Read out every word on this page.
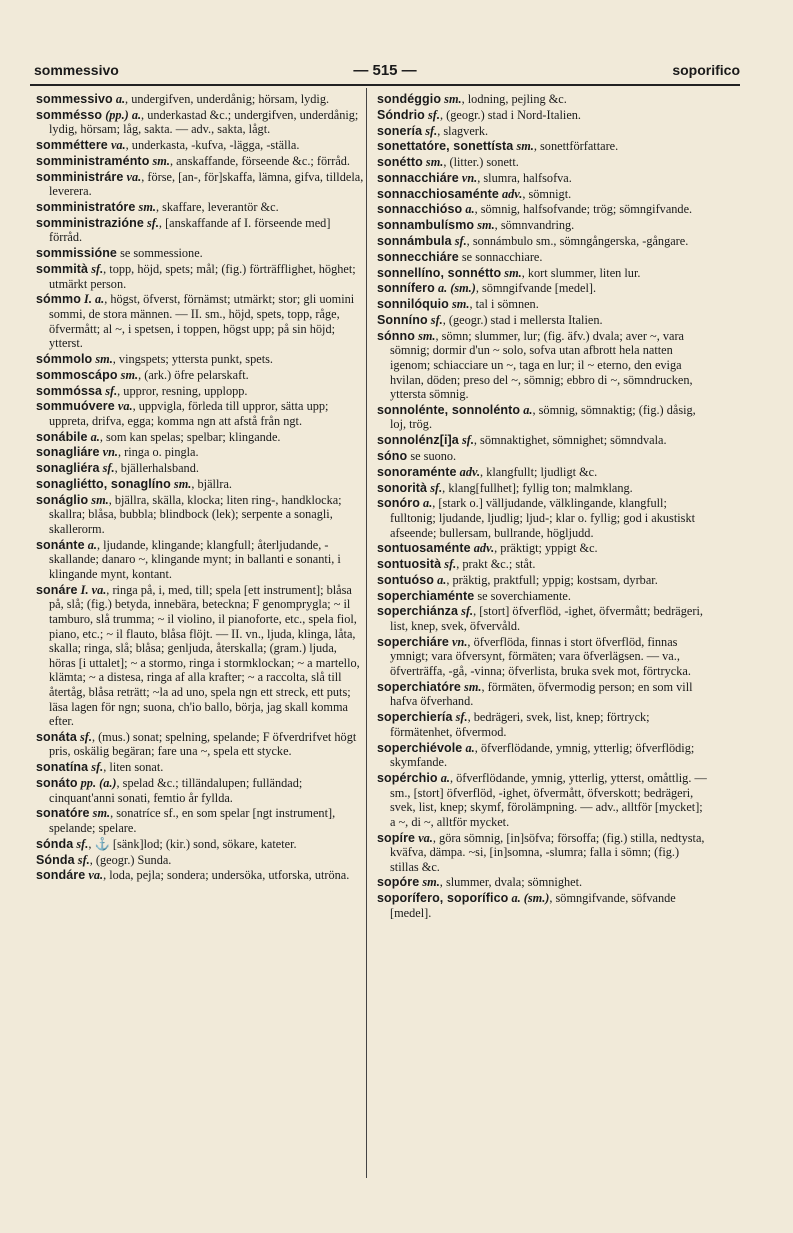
sommessivo	— 515 —	soporifico
sommessivo a., undergifven, underdånig; hörsam, lydig.
sommésso (pp.) a., underkastad &c.; undergifven, underdånig; lydig, hörsam; låg, sakta. — adv., sakta, lågt.
somméttere va., underkasta, -kufva, -lägga, -ställa.
somministraménto sm., anskaffande, förseende &c.; förråd.
somministráre va., förse, [an-, för]skaffa, lämna, gifva, tilldela, leverera.
somministratóre sm., skaffare, leverantör &c.
somministrazióne sf., [anskaffande af I. förseende med] förråd.
sommissióne se sommessione.
sommità sf., topp, höjd, spets; mål; (fig.) förträfflighet, höghet; utmärkt person.
sómmo I. a., högst, öfverst, förnämst; utmärkt; stor; gli uomini sommi, de stora männen. — II. sm., höjd, spets, topp, råge, öfvermått; al ~, i spetsen, i toppen, högst upp; på sin höjd; ytterst.
sómmolo sm., vingspets; yttersta punkt, spets.
sommoscápo sm., (ark.) öfre pelarskaft.
sommóssa sf., uppror, resning, upplopp.
sommuóvere va., uppvigla, förleda till uppror, sätta upp; uppreta, drifva, egga; komma ngn att afstå från ngt.
sonábile a., som kan spelas; spelbar; klingande.
sonagliáre vn., ringa o. pingla.
sonagliéra sf., bjällerhalsband.
sonagliétto, sonaglíno sm., bjällra.
sonáglio sm., bjällra, skälla, klocka; liten ring-, handklocka; skallra; blåsa, bubbla; blindbock (lek); serpente a sonagli, skallerorm.
sonánte a., ljudande, klingande; klangfull; återljudande, -skallande; danaro ~, klingande mynt; in ballanti e sonanti, i klingande mynt, kontant.
sonáre I. va., ringa på, i, med, till; spela [ett instrument]; blåsa på, slå; (fig.) betyda, innebära, beteckna; F genomprygla; ~ il tamburo, slå trumma; ~ il violino, il pianoforte, etc., spela fiol, piano, etc.; ~ il flauto, blåsa flöjt. — II. vn., ljuda, klinga, låta, skalla; ringa, slå; blåsa; genljuda, återskalla; (gram.) ljuda, höras [i uttalet]; ~ a stormo, ringa i stormklockan; ~ a martello, klämta; ~ a distesa, ringa af alla krafter; ~ a raccolta, slå till återtåg, blåsa reträtt; ~la ad uno, spela ngn ett streck, ett puts; läsa lagen för ngn; suona, ch'io ballo, börja, jag skall komma efter.
sonáta sf., (mus.) sonat; spelning, spelande; F öfverdrifvet högt pris, oskälig begäran; fare una ~, spela ett stycke.
sonatína sf., liten sonat.
sonáto pp. (a.), spelad &c.; tilländalupen; fulländad; cinquant'anni sonati, femtio år fyllda.
sonatóre sm., sonatríce sf., en som spelar [ngt instrument], spelande; spelare.
sónda sf., ⚓ [sänk]lod; (kir.) sond, sökare, kateter.
Sónda sf., (geogr.) Sunda.
sondáre va., loda, pejla; sondera; undersöka, utforska, utröna.
sondéggio sm., lodning, pejling &c.
Sóndrio sf., (geogr.) stad i Nord-Italien.
sonería sf., slagverk.
sonettatóre, sonettísta sm., sonettförfattare.
sonétto sm., (litter.) sonett.
sonnacchiáre vn., slumra, halfsofva.
sonnacchiosaménte adv., sömnigt.
sonnacchióso a., sömnig, halfsofvande; trög; sömngifvande.
sonnambulísmo sm., sömnvandring.
sonnámbula sf., sonnámbulo sm., sömngångerska, -gångare.
sonnecchiáre se sonnacchiare.
sonnellíno, sonnétto sm., kort slummer, liten lur.
sonnífero a. (sm.), sömngifvande [medel].
sonnilóquio sm., tal i sömnen.
Sonníno sf., (geogr.) stad i mellersta Italien.
sónno sm., sömn; slummer, lur; (fig. äfv.) dvala; aver ~, vara sömnig; dormir d'un ~ solo, sofva utan afbrott hela natten igenom; schiacciare un ~, taga en lur; il ~ eterno, den eviga hvilan, döden; preso del ~, sömnig; ebbro di ~, sömndrucken, yttersta sömnig.
sonnolénte, sonnolénto a., sömnig, sömnaktig; (fig.) dåsig, loj, trög.
sonnolénz[i]a sf., sömnaktighet, sömnighet; sömndvala.
sóno se suono.
sonoraménte adv., klangfullt; ljudligt &c.
sonorità sf., klang[fullhet]; fyllig ton; malmklang.
sonóro a., [stark o.] välljudande, välklingande, klangfull; fulltonig; ljudande, ljudlig; ljud-; klar o. fyllig; god i akustiskt afseende; bullersam, bullrande, högljudd.
sontuosaménte adv., präktigt; yppigt &c.
sontuosità sf., prakt &c.; ståt.
sontuóso a., präktig, praktfull; yppig; kostsam, dyrbar.
soperchiaménte se soverchiamente.
soperchiánza sf., [stort] öfverflöd, -ighet, öfvermått; bedrägeri, list, knep, svek, öfvervåld.
soperchiáre vn., öfverflöda, finnas i stort öfverflöd, finnas ymnigt; vara öfversynt, förmäten; vara öfverlägsen. — va., öfverträffa, -gå, -vinna; öfverlista, bruka svek mot, förtrycka.
soperchiatóre sm., förmäten, öfvermodig person; en som vill hafva öfverhand.
soperchiería sf., bedrägeri, svek, list, knep; förtryck; förmätenhet, öfvermod.
soperchiévole a., öfverflödande, ymnig, ytterlig; öfverflödig; skymfande.
sopérchio a., öfverflödande, ymnig, ytterlig, ytterst, omåttlig. — sm., [stort] öfverflöd, -ighet, öfvermått, öfverskott; bedrägeri, svek, list, knep; skymf, förolämpning. — adv., alltför [mycket]; a ~, di ~, alltför mycket.
sopíre va., göra sömnig, [in]söfva; försoffa; (fig.) stilla, nedtysta, kväfva, dämpa. ~si, [in]somna, -slumra; falla i sömn; (fig.) stillas &c.
sopóre sm., slummer, dvala; sömnighet.
soporífero, soporífico a. (sm.), sömngifvande, söfvande [medel].
